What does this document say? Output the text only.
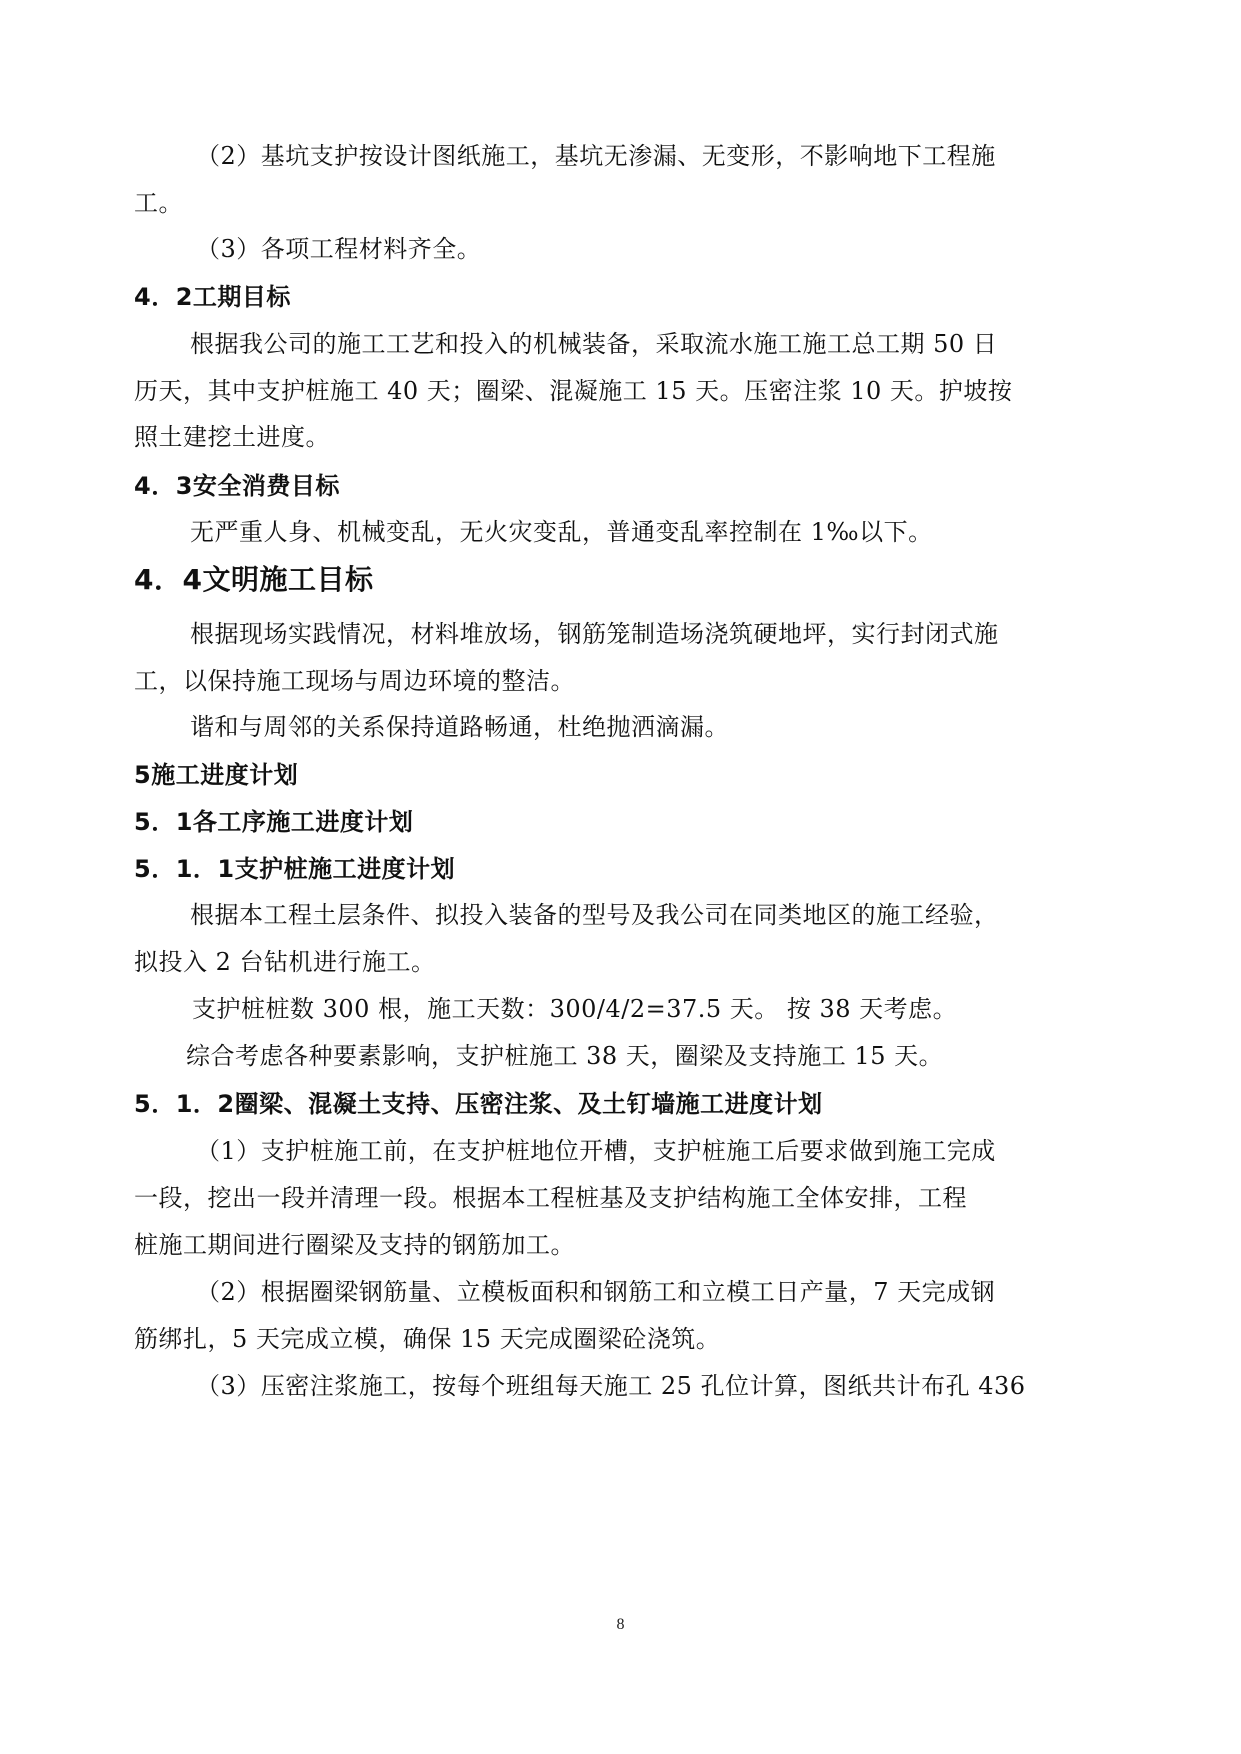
（2）基坑支护按设计图纸施工，基坑无渗漏、无变形，不影响地下工程施
工。
（3）各项工程材料齐全。
4．2工期目标
根据我公司的施工工艺和投入的机械装备，采取流水施工施工总工期 50 日
历天，其中支护桩施工 40 天；圈梁、混凝施工 15 天。压密注浆 10 天。护坡按
照土建挖土进度。
4．3安全消费目标
无严重人身、机械变乱，无火灾变乱，普通变乱率控制在 1‰以下。
4．4文明施工目标
根据现场实践情况，材料堆放场，钢筋笼制造场浇筑硬地坪，实行封闭式施
工，以保持施工现场与周边环境的整洁。
谐和与周邻的关系保持道路畅通，杜绝抛洒滴漏。
5施工进度计划
5．1各工序施工进度计划
5．1．1支护桩施工进度计划
根据本工程土层条件、拟投入装备的型号及我公司在同类地区的施工经验，
拟投入 2 台钻机进行施工。
支护桩桩数 300 根，施工天数：300/4/2=37.5 天。 按 38 天考虑。
综合考虑各种要素影响，支护桩施工 38 天，圈梁及支持施工 15 天。
5．1．2圈梁、混凝土支持、压密注浆、及土钉墙施工进度计划
（1）支护桩施工前，在支护桩地位开槽，支护桩施工后要求做到施工完成
一段，挖出一段并清理一段。根据本工程桩基及支护结构施工全体安排，工程
桩施工期间进行圈梁及支持的钢筋加工。
（2）根据圈梁钢筋量、立模板面积和钢筋工和立模工日产量，7 天完成钢
筋绑扎，5 天完成立模，确保 15 天完成圈梁砼浇筑。
（3）压密注浆施工，按每个班组每天施工 25 孔位计算，图纸共计布孔 436
8
